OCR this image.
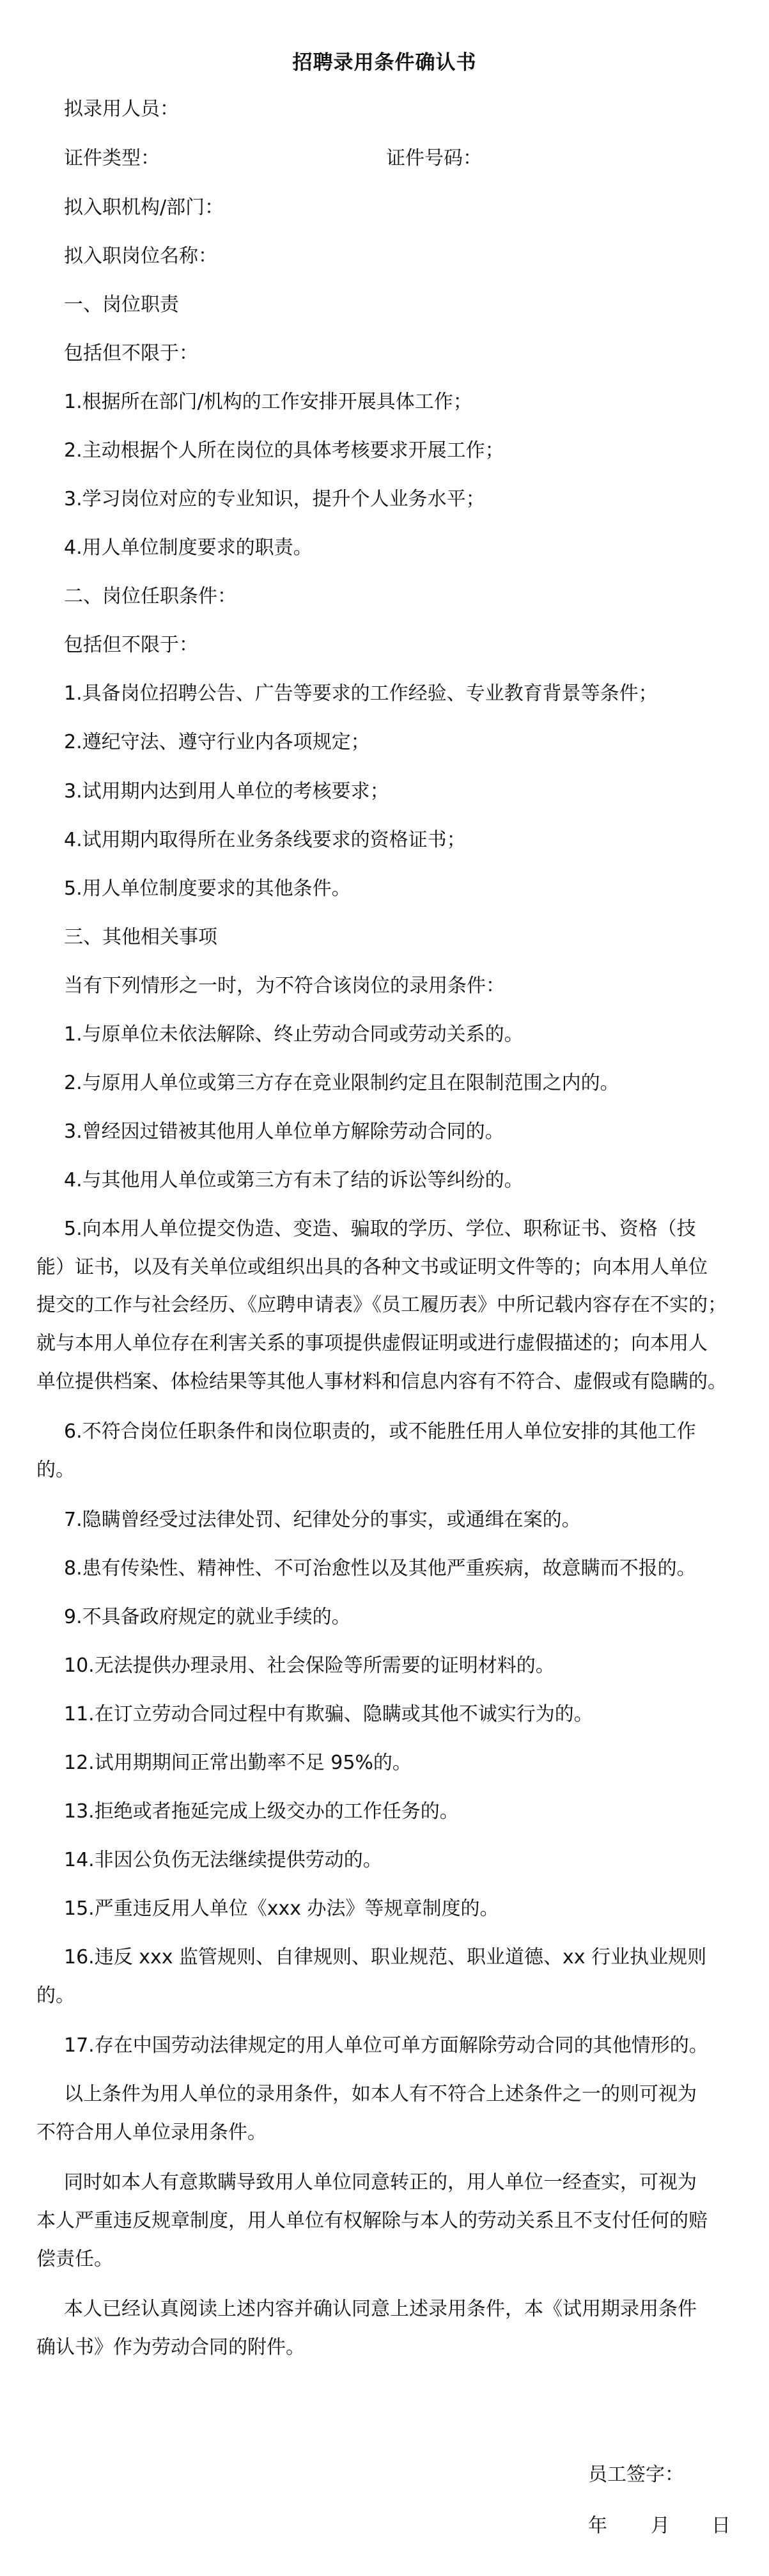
招聘录用条件确认书
拟录用人员：
证件类型：	证件号码：
拟入职机构/部门：
拟入职岗位名称：
一、岗位职责
包括但不限于：
1.根据所在部门/机构的工作安排开展具体工作；
2.主动根据个人所在岗位的具体考核要求开展工作；
3.学习岗位对应的专业知识，提升个人业务水平；
4.用人单位制度要求的职责。
二、岗位任职条件：
包括但不限于：
1.具备岗位招聘公告、广告等要求的工作经验、专业教育背景等条件；
2.遵纪守法、遵守行业内各项规定；
3.试用期内达到用人单位的考核要求；
4.试用期内取得所在业务条线要求的资格证书；
5.用人单位制度要求的其他条件。
三、其他相关事项
当有下列情形之一时，为不符合该岗位的录用条件：
1.与原单位未依法解除、终止劳动合同或劳动关系的。
2.与原用人单位或第三方存在竞业限制约定且在限制范围之内的。
3.曾经因过错被其他用人单位单方解除劳动合同的。
4.与其他用人单位或第三方有未了结的诉讼等纠纷的。
5.向本用人单位提交伪造、变造、骗取的学历、学位、职称证书、资格（技
能）证书，以及有关单位或组织出具的各种文书或证明文件等的；向本用人单位
提交的工作与社会经历、《应聘申请表》《员工履历表》中所记载内容存在不实的；
就与本用人单位存在利害关系的事项提供虚假证明或进行虚假描述的；向本用人
单位提供档案、体检结果等其他人事材料和信息内容有不符合、虚假或有隐瞒的。
6.不符合岗位任职条件和岗位职责的，或不能胜任用人单位安排的其他工作
的。
7.隐瞒曾经受过法律处罚、纪律处分的事实，或通缉在案的。
8.患有传染性、精神性、不可治愈性以及其他严重疾病，故意瞒而不报的。
9.不具备政府规定的就业手续的。
10.无法提供办理录用、社会保险等所需要的证明材料的。
11.在订立劳动合同过程中有欺骗、隐瞒或其他不诚实行为的。
12.试用期期间正常出勤率不足 95%的。
13.拒绝或者拖延完成上级交办的工作任务的。
14.非因公负伤无法继续提供劳动的。
15.严重违反用人单位《xxx 办法》等规章制度的。
16.违反 xxx 监管规则、自律规则、职业规范、职业道德、xx 行业执业规则
的。
17.存在中国劳动法律规定的用人单位可单方面解除劳动合同的其他情形的。
以上条件为用人单位的录用条件，如本人有不符合上述条件之一的则可视为
不符合用人单位录用条件。
同时如本人有意欺瞒导致用人单位同意转正的，用人单位一经查实，可视为
本人严重违反规章制度，用人单位有权解除与本人的劳动关系且不支付任何的赔
偿责任。
本人已经认真阅读上述内容并确认同意上述录用条件，本《试用期录用条件
确认书》作为劳动合同的附件。
员工签字：
年 月 日
